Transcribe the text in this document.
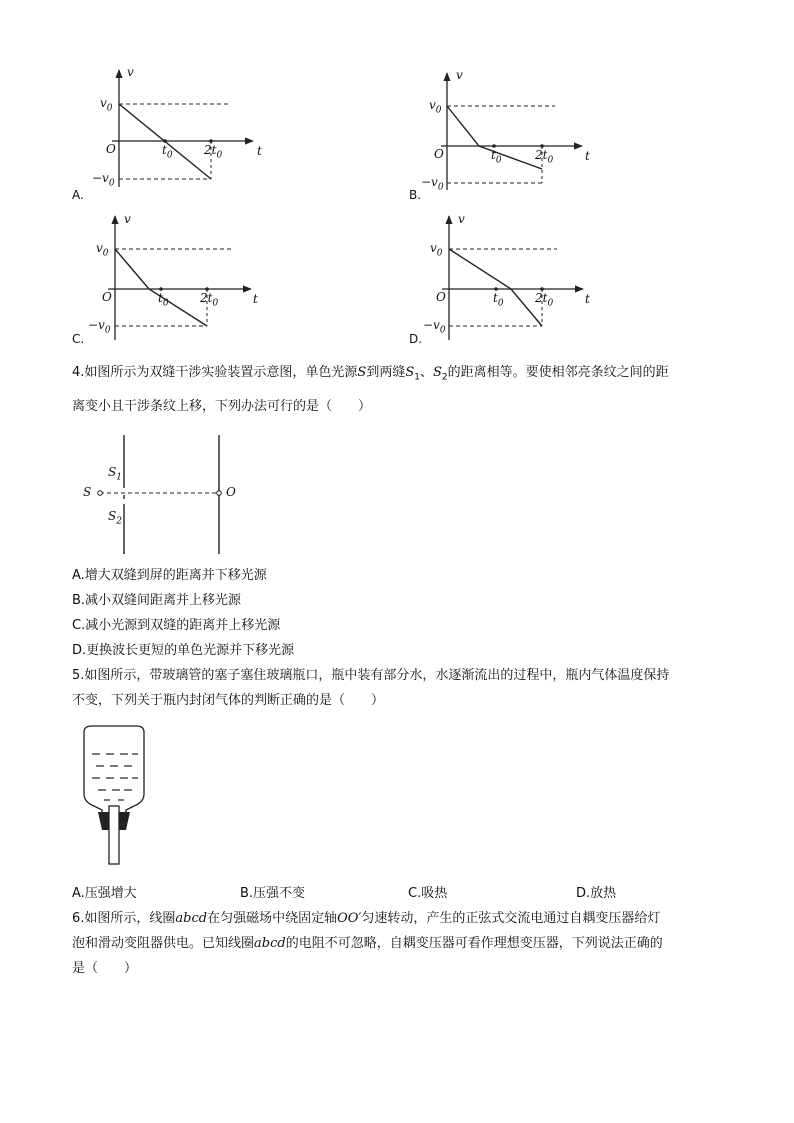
v
t
O
$v_0$
$-v_0$
$t_0$	$2t_0$
A.
v
t
O
$v_0$
$-v_0$
$t_0$	$2t_0$
B.
v
t
O
$v_0$
$-v_0$
$t_0$	$2t_0$
C.
v
t
O
$v_0$
$-v_0$
$t_0$	$2t_0$
D.
4.如图所示为双缝干涉实验装置示意图，单色光源S到两缝$S_1$、$S_2$的距离相等。要使相邻亮条纹之间的距
离变小且干涉条纹上移，下列办法可行的是（　　）
S
$S_1$
$S_2$
O
A.增大双缝到屏的距离并下移光源
B.减小双缝间距离并上移光源
C.减小光源到双缝的距离并上移光源
D.更换波长更短的单色光源并下移光源
5.如图所示，带玻璃管的塞子塞住玻璃瓶口，瓶中装有部分水，水逐渐流出的过程中，瓶内气体温度保持
不变，下列关于瓶内封闭气体的判断正确的是（　　）
A.压强增大	B.压强不变	C.吸热	D.放热
6.如图所示，线圈abcd在匀强磁场中绕固定轴OO′匀速转动，产生的正弦式交流电通过自耦变压器给灯
泡和滑动变阻器供电。已知线圈abcd的电阻不可忽略，自耦变压器可看作理想变压器，下列说法正确的
是（　　）
